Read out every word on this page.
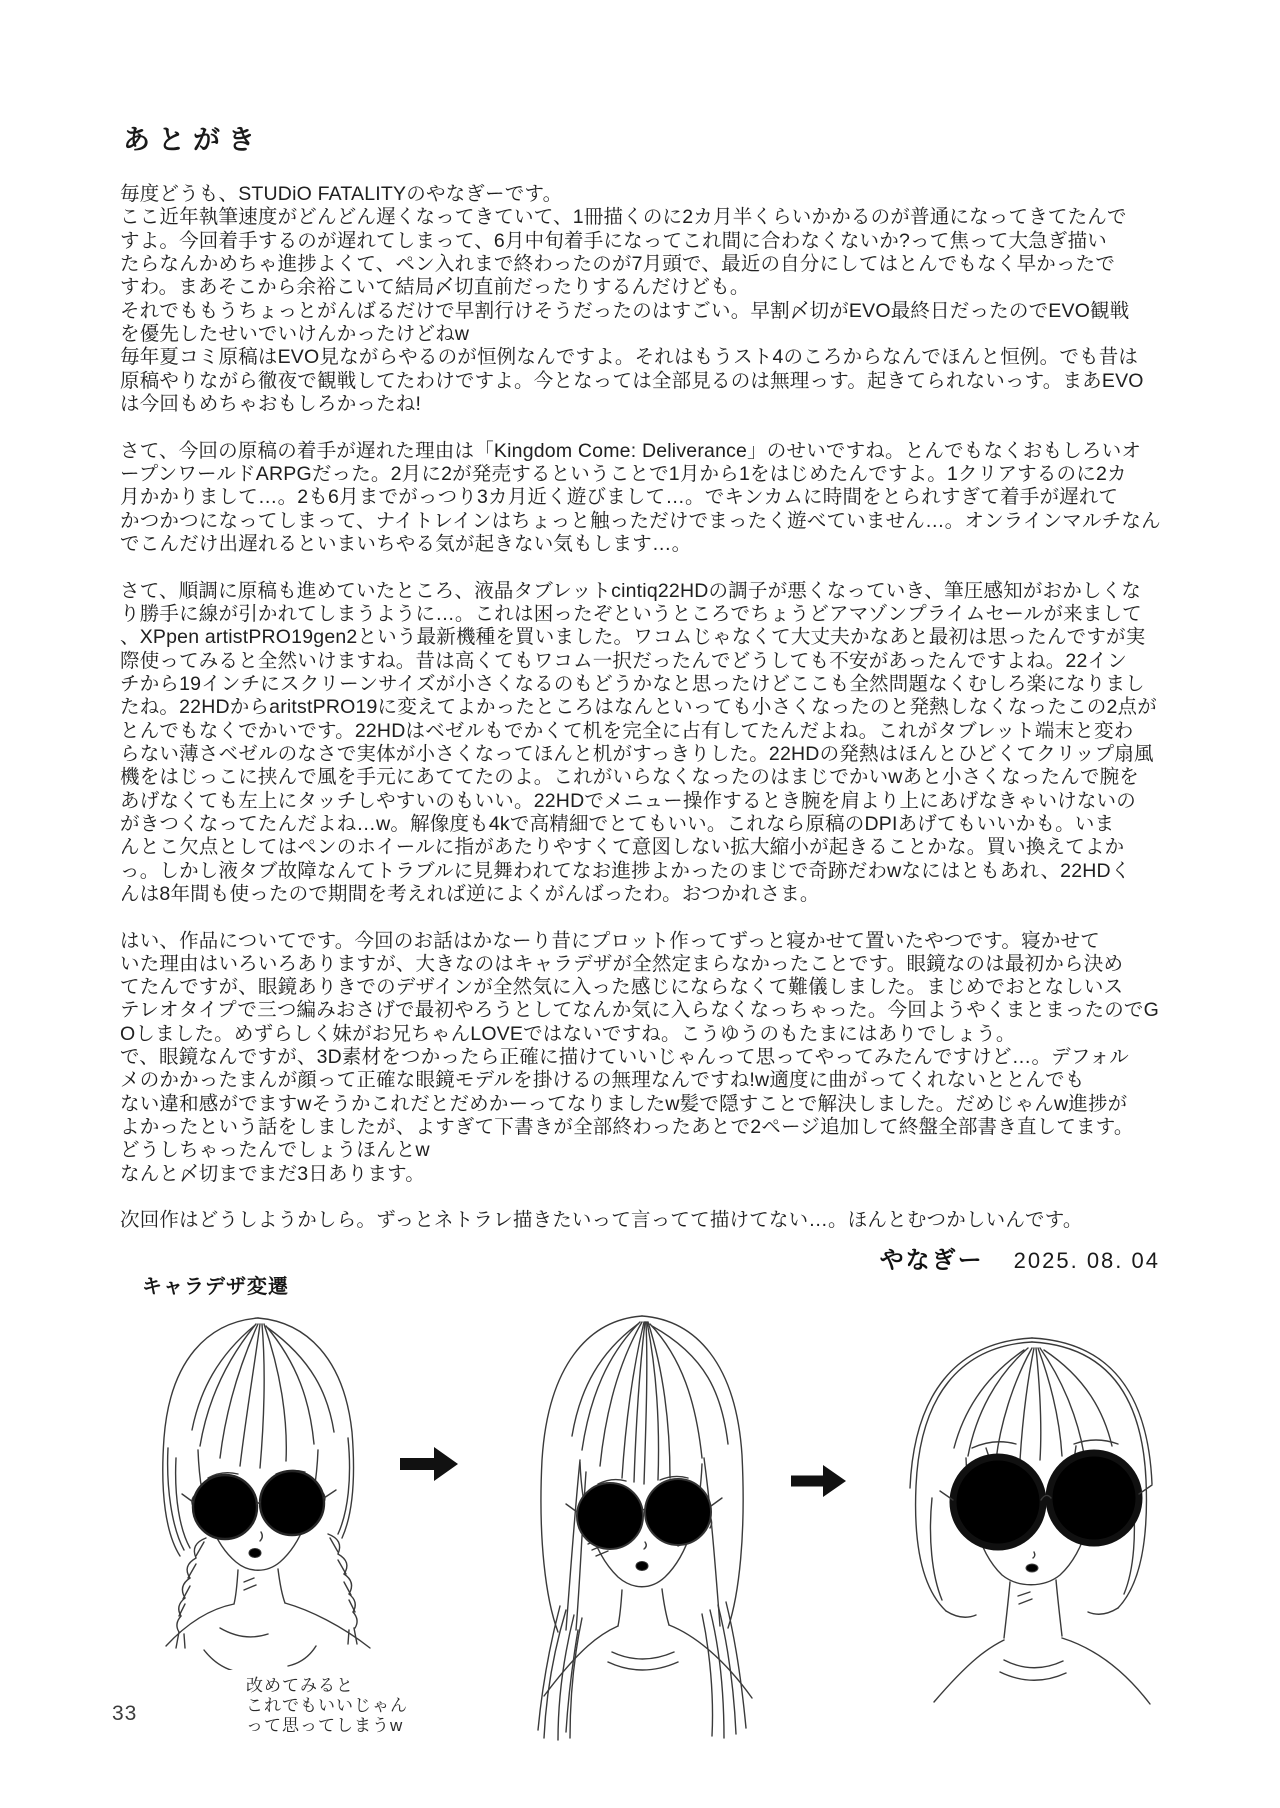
あとがき
毎度どうも、STUDiO FATALITYのやなぎーです。
ここ近年執筆速度がどんどん遅くなってきていて、1冊描くのに2カ月半くらいかかるのが普通になってきてたんで
すよ。今回着手するのが遅れてしまって、6月中旬着手になってこれ間に合わなくないか?って焦って大急ぎ描い
たらなんかめちゃ進捗よくて、ペン入れまで終わったのが7月頭で、最近の自分にしてはとんでもなく早かったで
すわ。まあそこから余裕こいて結局〆切直前だったりするんだけども。
それでももうちょっとがんばるだけで早割行けそうだったのはすごい。早割〆切がEVO最終日だったのでEVO観戦
を優先したせいでいけんかったけどねw
毎年夏コミ原稿はEVO見ながらやるのが恒例なんですよ。それはもうスト4のころからなんでほんと恒例。でも昔は
原稿やりながら徹夜で観戦してたわけですよ。今となっては全部見るのは無理っす。起きてられないっす。まあEVO
は今回もめちゃおもしろかったね!
さて、今回の原稿の着手が遅れた理由は「Kingdom Come: Deliverance」のせいですね。とんでもなくおもしろいオ
ープンワールドARPGだった。2月に2が発売するということで1月から1をはじめたんですよ。1クリアするのに2カ
月かかりまして…。2も6月までがっつり3カ月近く遊びまして…。でキンカムに時間をとられすぎて着手が遅れて
かつかつになってしまって、ナイトレインはちょっと触っただけでまったく遊べていません…。オンラインマルチなん
でこんだけ出遅れるといまいちやる気が起きない気もします…。
さて、順調に原稿も進めていたところ、液晶タブレットcintiq22HDの調子が悪くなっていき、筆圧感知がおかしくな
り勝手に線が引かれてしまうように…。これは困ったぞというところでちょうどアマゾンプライムセールが来まして
、XPpen artistPRO19gen2という最新機種を買いました。ワコムじゃなくて大丈夫かなあと最初は思ったんですが実
際使ってみると全然いけますね。昔は高くてもワコム一択だったんでどうしても不安があったんですよね。22イン
チから19インチにスクリーンサイズが小さくなるのもどうかなと思ったけどここも全然問題なくむしろ楽になりまし
たね。22HDからaritstPRO19に変えてよかったところはなんといっても小さくなったのと発熱しなくなったこの2点が
とんでもなくでかいです。22HDはベゼルもでかくて机を完全に占有してたんだよね。これがタブレット端末と変わ
らない薄さベゼルのなさで実体が小さくなってほんと机がすっきりした。22HDの発熱はほんとひどくてクリップ扇風
機をはじっこに挟んで風を手元にあててたのよ。これがいらなくなったのはまじでかいwあと小さくなったんで腕を
あげなくても左上にタッチしやすいのもいい。22HDでメニュー操作するとき腕を肩より上にあげなきゃいけないの
がきつくなってたんだよね…w。解像度も4kで高精細でとてもいい。これなら原稿のDPIあげてもいいかも。いま
んとこ欠点としてはペンのホイールに指があたりやすくて意図しない拡大縮小が起きることかな。買い換えてよか
っ。しかし液タブ故障なんてトラブルに見舞われてなお進捗よかったのまじで奇跡だわwなにはともあれ、22HDく
んは8年間も使ったので期間を考えれば逆によくがんばったわ。おつかれさま。
はい、作品についてです。今回のお話はかなーり昔にプロット作ってずっと寝かせて置いたやつです。寝かせて
いた理由はいろいろありますが、大きなのはキャラデザが全然定まらなかったことです。眼鏡なのは最初から決め
てたんですが、眼鏡ありきでのデザインが全然気に入った感じにならなくて難儀しました。まじめでおとなしいス
テレオタイプで三つ編みおさげで最初やろうとしてなんか気に入らなくなっちゃった。今回ようやくまとまったのでG
Oしました。めずらしく妹がお兄ちゃんLOVEではないですね。こうゆうのもたまにはありでしょう。
で、眼鏡なんですが、3D素材をつかったら正確に描けていいじゃんって思ってやってみたんですけど…。デフォル
メのかかったまんが顔って正確な眼鏡モデルを掛けるの無理なんですね!w適度に曲がってくれないととんでも
ない違和感がでますwそうかこれだとだめかーってなりましたw髪で隠すことで解決しました。だめじゃんw進捗が
よかったという話をしましたが、よすぎて下書きが全部終わったあとで2ページ追加して終盤全部書き直してます。
どうしちゃったんでしょうほんとw
なんと〆切までまだ3日あります。
次回作はどうしようかしら。ずっとネトラレ描きたいって言ってて描けてない…。ほんとむつかしいんです。
やなぎー 2025. 08. 04
キャラデザ変遷
改めてみると
これでもいいじゃん
って思ってしまうw
33
